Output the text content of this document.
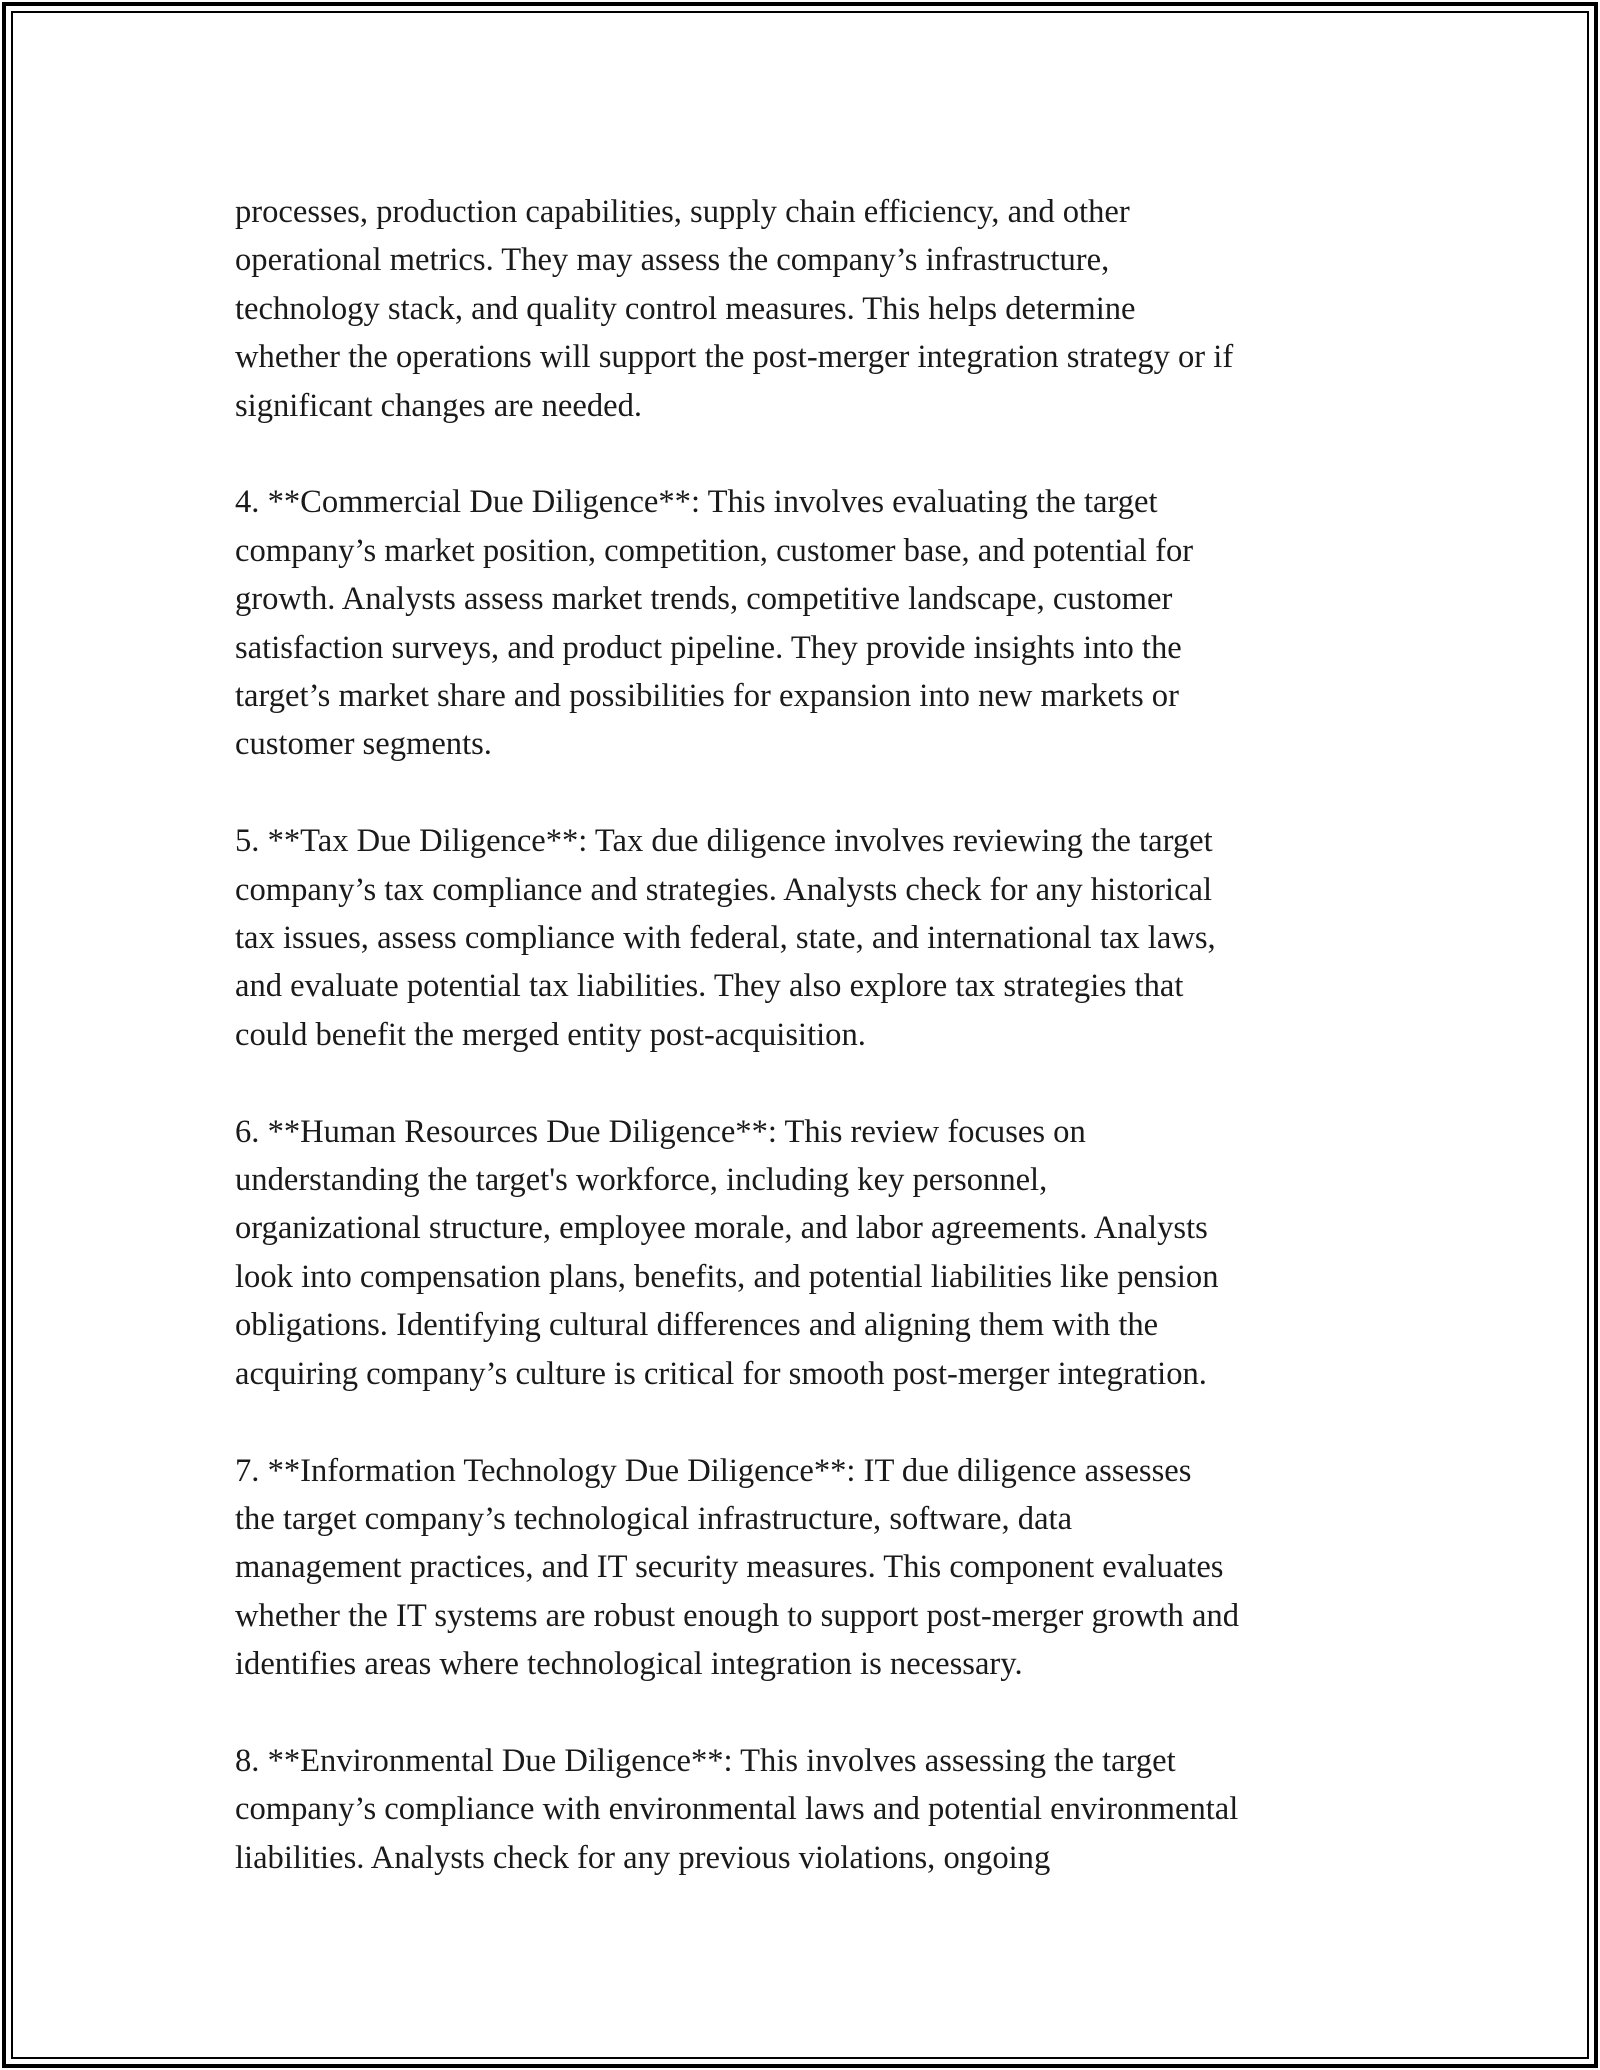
processes, production capabilities, supply chain efficiency, and other
operational metrics. They may assess the company’s infrastructure,
technology stack, and quality control measures. This helps determine
whether the operations will support the post-merger integration strategy or if
significant changes are needed.

4. **Commercial Due Diligence**: This involves evaluating the target
company’s market position, competition, customer base, and potential for
growth. Analysts assess market trends, competitive landscape, customer
satisfaction surveys, and product pipeline. They provide insights into the
target’s market share and possibilities for expansion into new markets or
customer segments.

5. **Tax Due Diligence**: Tax due diligence involves reviewing the target
company’s tax compliance and strategies. Analysts check for any historical
tax issues, assess compliance with federal, state, and international tax laws,
and evaluate potential tax liabilities. They also explore tax strategies that
could benefit the merged entity post-acquisition.

6. **Human Resources Due Diligence**: This review focuses on
understanding the target's workforce, including key personnel,
organizational structure, employee morale, and labor agreements. Analysts
look into compensation plans, benefits, and potential liabilities like pension
obligations. Identifying cultural differences and aligning them with the
acquiring company’s culture is critical for smooth post-merger integration.

7. **Information Technology Due Diligence**: IT due diligence assesses
the target company’s technological infrastructure, software, data
management practices, and IT security measures. This component evaluates
whether the IT systems are robust enough to support post-merger growth and
identifies areas where technological integration is necessary.

8. **Environmental Due Diligence**: This involves assessing the target
company’s compliance with environmental laws and potential environmental
liabilities. Analysts check for any previous violations, ongoing
